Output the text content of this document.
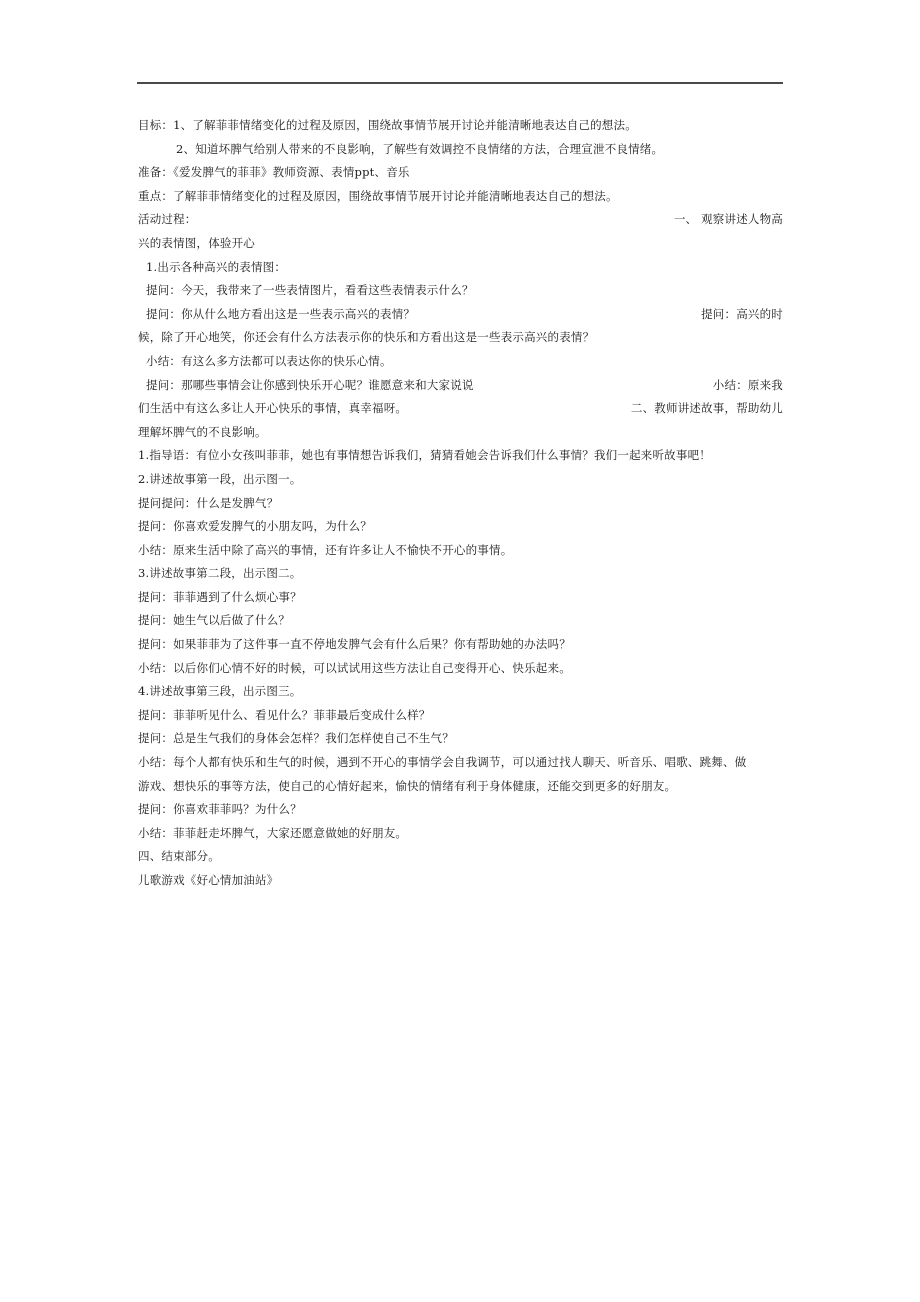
目标：1、了解菲菲情绪变化的过程及原因，围绕故事情节展开讨论并能清晰地表达自己的想法。
2、知道坏脾气给别人带来的不良影响，了解些有效调控不良情绪的方法，合理宣泄不良情绪。
准备：《爱发脾气的菲菲》教师资源、表情ppt、音乐
重点：了解菲菲情绪变化的过程及原因，围绕故事情节展开讨论并能清晰地表达自己的想法。
活动过程：	一、 观察讲述人物高
兴的表情图，体验开心
1.出示各种高兴的表情图：
提问：今天，我带来了一些表情图片，看看这些表情表示什么？
提问：你从什么地方看出这是一些表示高兴的表情？	提问：高兴的时
候，除了开心地笑，你还会有什么方法表示你的快乐和方看出这是一些表示高兴的表情？
小结：有这么多方法都可以表达你的快乐心情。
提问：那哪些事情会让你感到快乐开心呢？谁愿意来和大家说说	小结：原来我
们生活中有这么多让人开心快乐的事情，真幸福呀。	二、教师讲述故事，帮助幼儿
理解坏脾气的不良影响。
1.指导语：有位小女孩叫菲菲，她也有事情想告诉我们，猜猜看她会告诉我们什么事情？我们一起来听故事吧！
2.讲述故事第一段，出示图一。
提问提问：什么是发脾气？
提问：你喜欢爱发脾气的小朋友吗，为什么？
小结：原来生活中除了高兴的事情，还有许多让人不愉快不开心的事情。
3.讲述故事第二段，出示图二。
提问：菲菲遇到了什么烦心事？
提问：她生气以后做了什么？
提问：如果菲菲为了这件事一直不停地发脾气会有什么后果？你有帮助她的办法吗？
小结：以后你们心情不好的时候，可以试试用这些方法让自己变得开心、快乐起来。
4.讲述故事第三段，出示图三。
提问：菲菲听见什么、看见什么？菲菲最后变成什么样？
提问：总是生气我们的身体会怎样？我们怎样使自己不生气？
小结：每个人都有快乐和生气的时候，遇到不开心的事情学会自我调节，可以通过找人聊天、听音乐、唱歌、跳舞、做
游戏、想快乐的事等方法，使自己的心情好起来，愉快的情绪有利于身体健康，还能交到更多的好朋友。
提问：你喜欢菲菲吗？为什么？
小结：菲菲赶走坏脾气，大家还愿意做她的好朋友。
四、结束部分。
儿歌游戏《好心情加油站》
